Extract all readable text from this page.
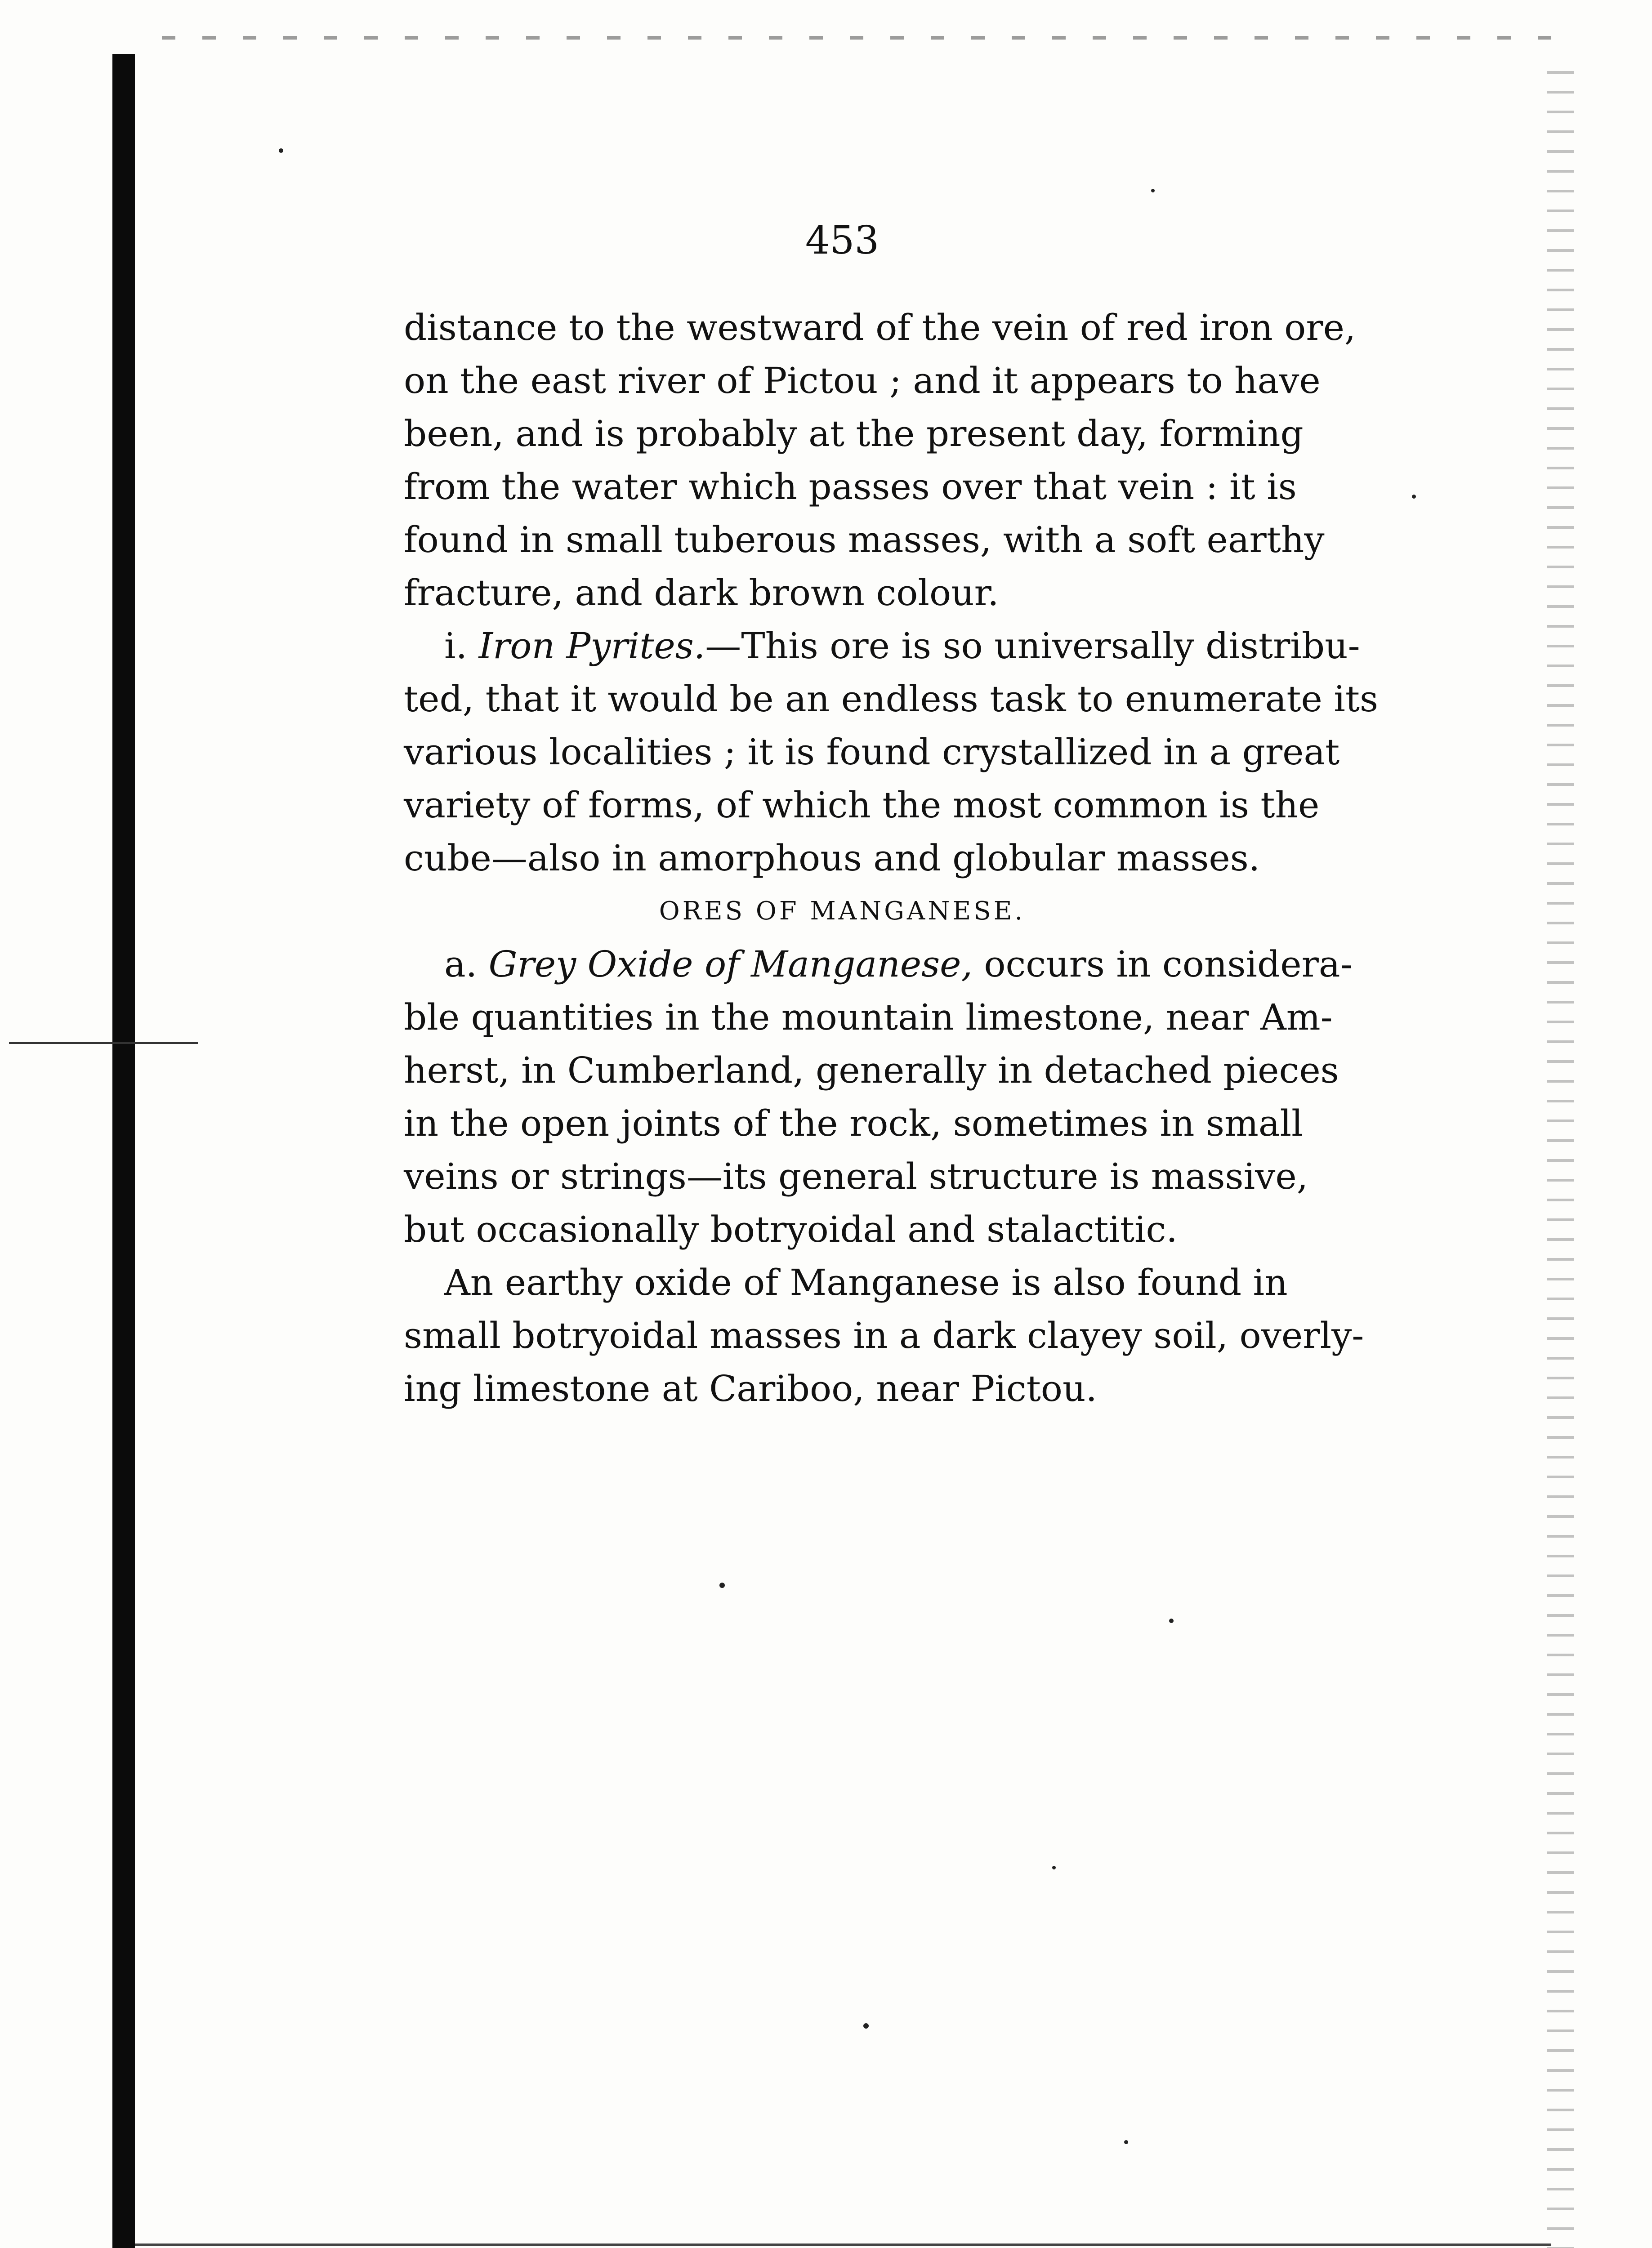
453
distance to the westward of the vein of red iron ore,
on the east river of Pictou ; and it appears to have
been, and is probably at the present day, forming
from the water which passes over that vein : it is
found in small tuberous masses, with a soft earthy
fracture, and dark brown colour.
i. Iron Pyrites.—This ore is so universally distribu-
ted, that it would be an endless task to enumerate its
various localities ; it is found crystallized in a great
variety of forms, of which the most common is the
cube—also in amorphous and globular masses.
ORES OF MANGANESE.
a. Grey Oxide of Manganese, occurs in considera-
ble quantities in the mountain limestone, near Am-
herst, in Cumberland, generally in detached pieces
in the open joints of the rock, sometimes in small
veins or strings—its general structure is massive,
but occasionally botryoidal and stalactitic.
An earthy oxide of Manganese is also found in
small botryoidal masses in a dark clayey soil, overly-
ing limestone at Cariboo, near Pictou.
